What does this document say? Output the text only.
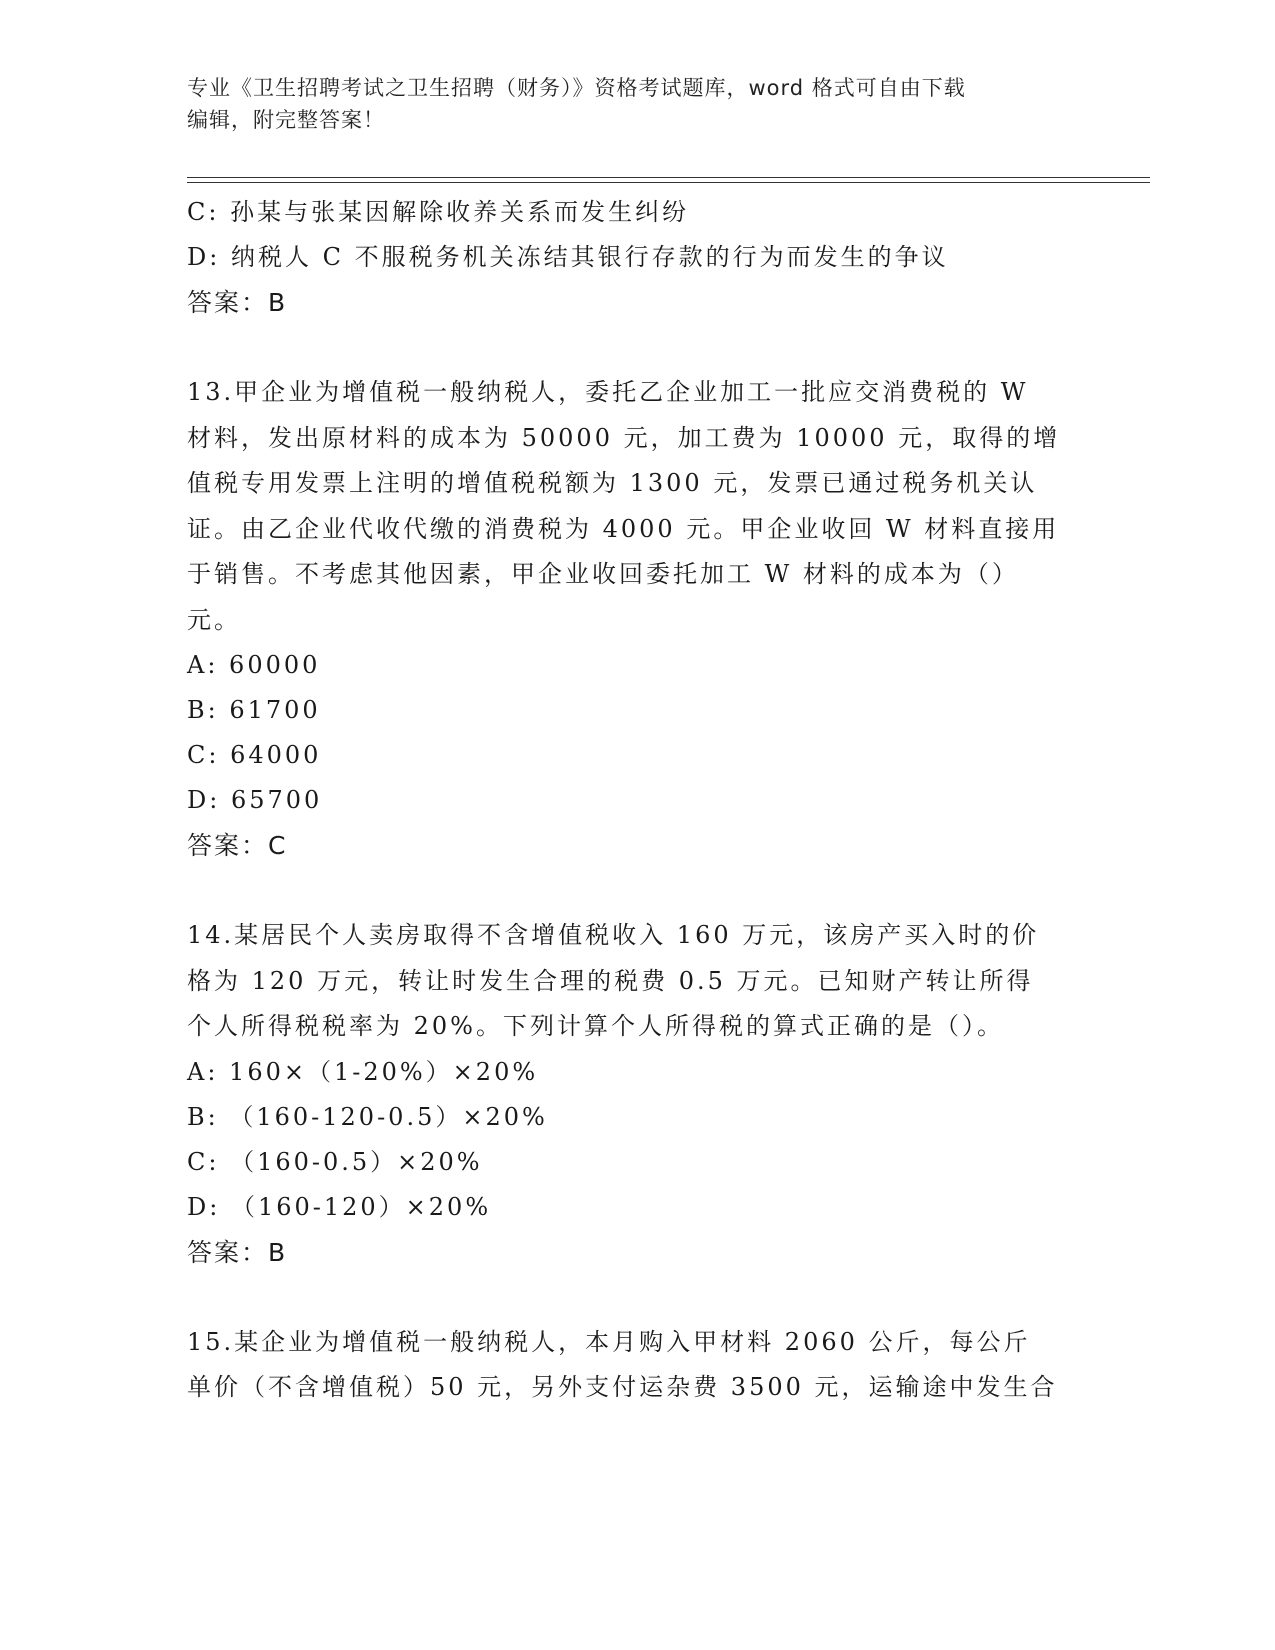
专业《卫生招聘考试之卫生招聘（财务）》资格考试题库，word 格式可自由下载
编辑，附完整答案！
C: 孙某与张某因解除收养关系而发生纠纷
D: 纳税人 C 不服税务机关冻结其银行存款的行为而发生的争议
答案：B
13.甲企业为增值税一般纳税人，委托乙企业加工一批应交消费税的 W
材料，发出原材料的成本为 50000 元，加工费为 10000 元，取得的增
值税专用发票上注明的增值税税额为 1300 元，发票已通过税务机关认
证。由乙企业代收代缴的消费税为 4000 元。甲企业收回 W 材料直接用
于销售。不考虑其他因素，甲企业收回委托加工 W 材料的成本为（）
元。
A: 60000
B: 61700
C: 64000
D: 65700
答案：C
14.某居民个人卖房取得不含增值税收入 160 万元，该房产买入时的价
格为 120 万元，转让时发生合理的税费 0.5 万元。已知财产转让所得
个人所得税税率为 20%。下列计算个人所得税的算式正确的是（）。
A: 160×（1-20%）×20%
B: （160-120-0.5）×20%
C: （160-0.5）×20%
D: （160-120）×20%
答案：B
15.某企业为增值税一般纳税人，本月购入甲材料 2060 公斤，每公斤
单价（不含增值税）50 元，另外支付运杂费 3500 元，运输途中发生合
